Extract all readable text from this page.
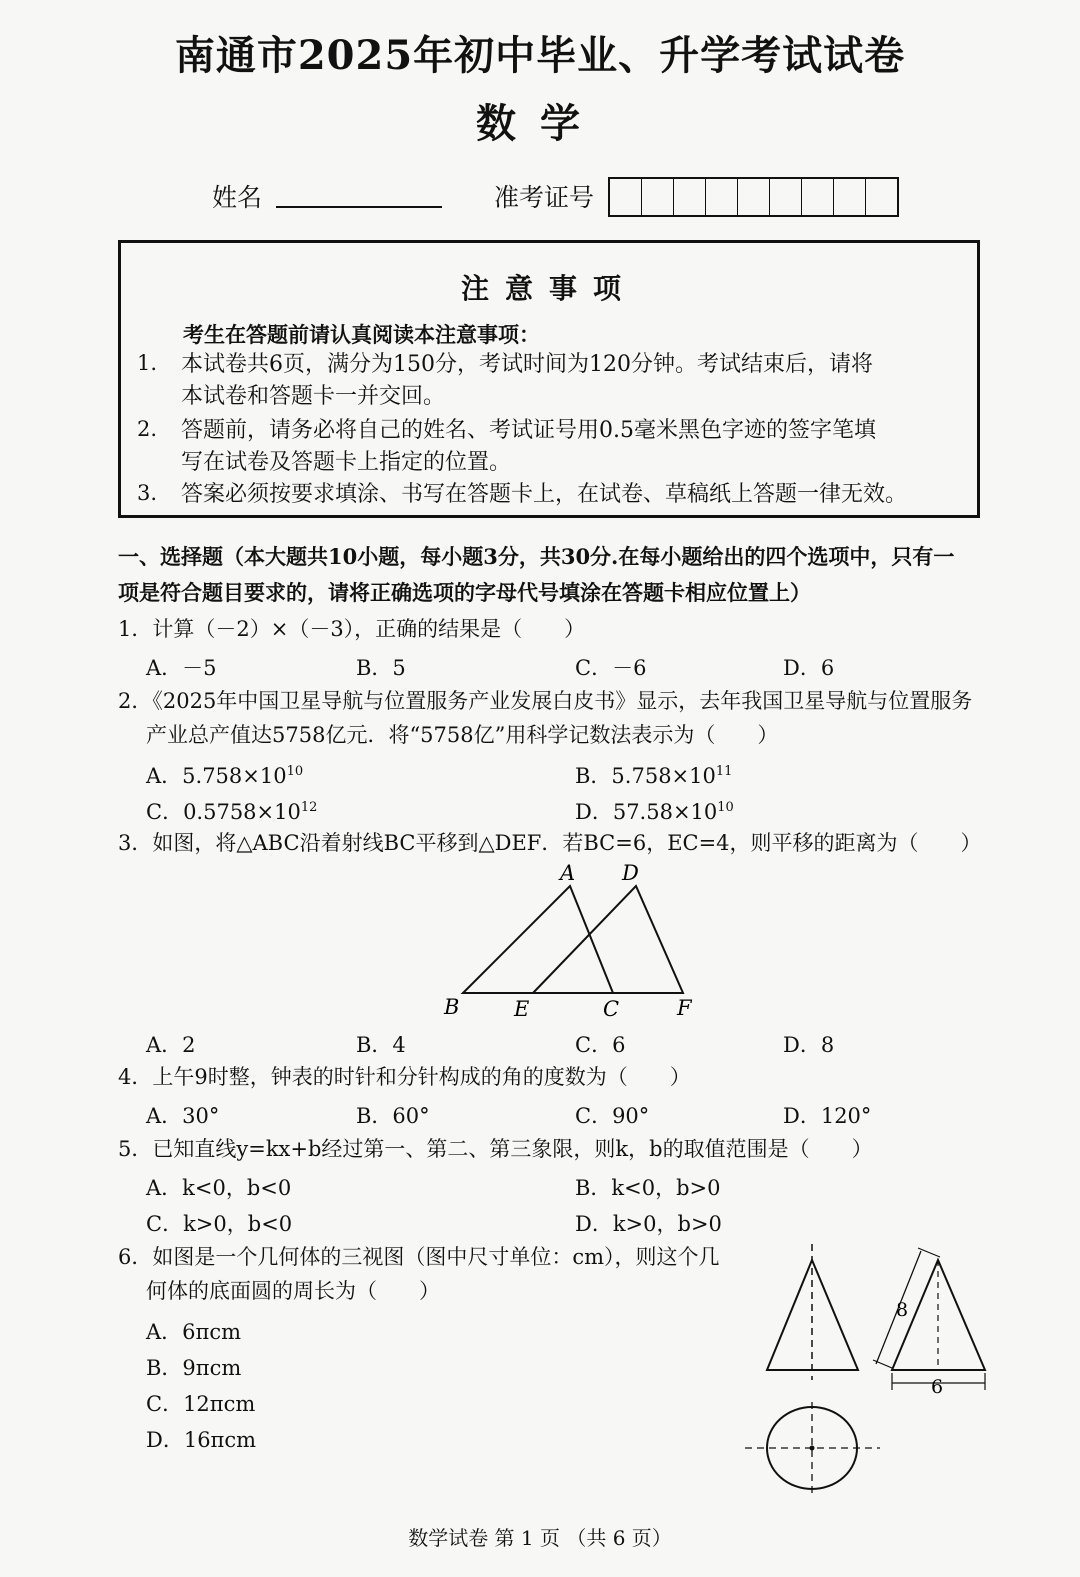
南通市2025年初中毕业、升学考试试卷
数学
姓名	准考证号
注意事项
考生在答题前请认真阅读本注意事项：
1. 本试卷共6页，满分为150分，考试时间为120分钟。考试结束后，请将
本试卷和答题卡一并交回。
2. 答题前，请务必将自己的姓名、考试证号用0.5毫米黑色字迹的签字笔填
写在试卷及答题卡上指定的位置。
3. 答案必须按要求填涂、书写在答题卡上，在试卷、草稿纸上答题一律无效。
一、选择题（本大题共10小题，每小题3分，共30分.在每小题给出的四个选项中，只有一
项是符合题目要求的，请将正确选项的字母代号填涂在答题卡相应位置上）
1．计算（－2）×（－3），正确的结果是（　　）
A．－5	B．5	C．－6	D．6
2．《2025年中国卫星导航与位置服务产业发展白皮书》显示，去年我国卫星导航与位置服务
产业总产值达5758亿元．将“5758亿”用科学记数法表示为（　　）
A．$5.758\times 10^{10}$	B．$5.758\times 10^{11}$
C．$0.5758\times 10^{12}$	D．$57.58\times 10^{10}$
3．如图，将△ABC沿着射线BC平移到△DEF．若BC=6，EC=4，则平移的距离为（　　）
A D
B	E	C	F
A．2	B．4	C．6	D．8
4．上午9时整，钟表的时针和分针构成的角的度数为（　　）
A．30°	B．60°	C．90°	D．120°
5．已知直线y=kx+b经过第一、第二、第三象限，则k，b的取值范围是（　　）
A．k<0，b<0	B．k<0，b>0
C．k>0，b<0	D．k>0，b>0
6．如图是一个几何体的三视图（图中尺寸单位：cm），则这个几
何体的底面圆的周长为（　　）
A．6πcm
B．9πcm
C．12πcm
D．16πcm
8
6
数学试卷 第 1 页 （共 6 页）
